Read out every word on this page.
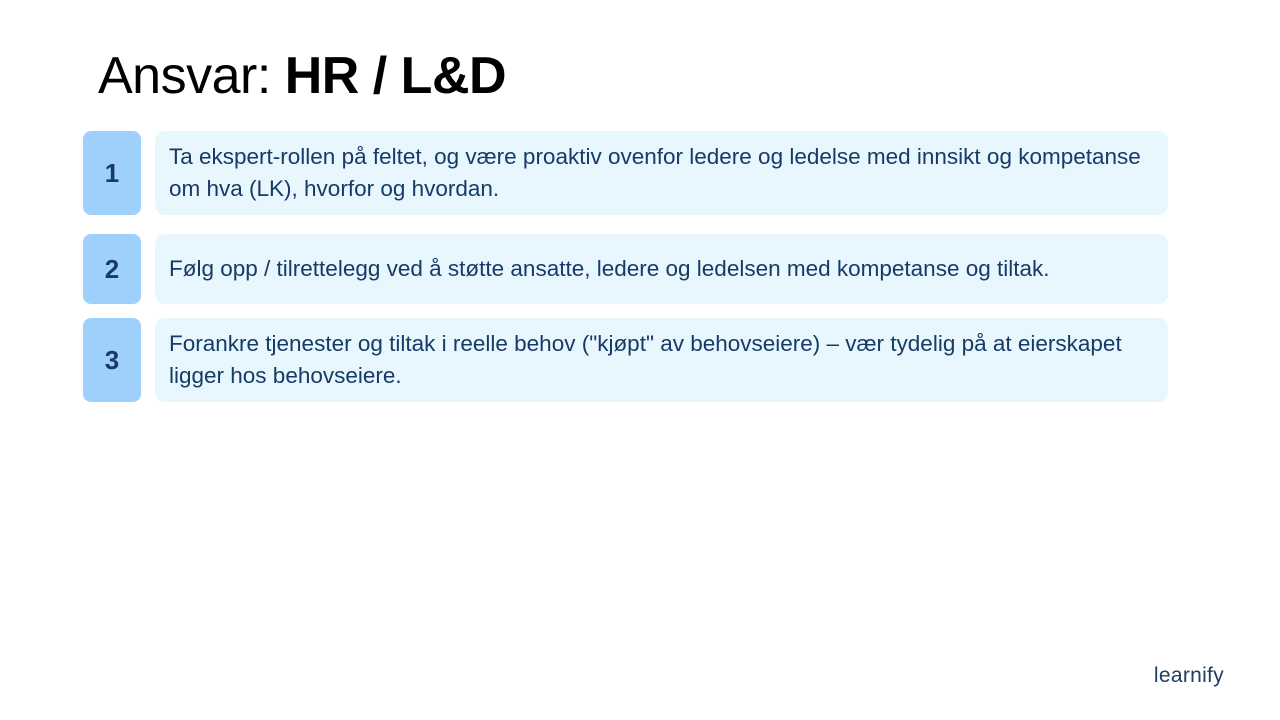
Ansvar: HR / L&D
1
Ta ekspert-rollen på feltet, og være proaktiv ovenfor ledere og ledelse med innsikt og kompetanse om hva (LK), hvorfor og hvordan.
2	Følg opp / tilrettelegg ved å støtte ansatte, ledere og ledelsen med kompetanse og tiltak.
3
Forankre tjenester og tiltak i reelle behov ("kjøpt" av behovseiere) – vær tydelig på at eierskapet ligger hos behovseiere.
learnify
